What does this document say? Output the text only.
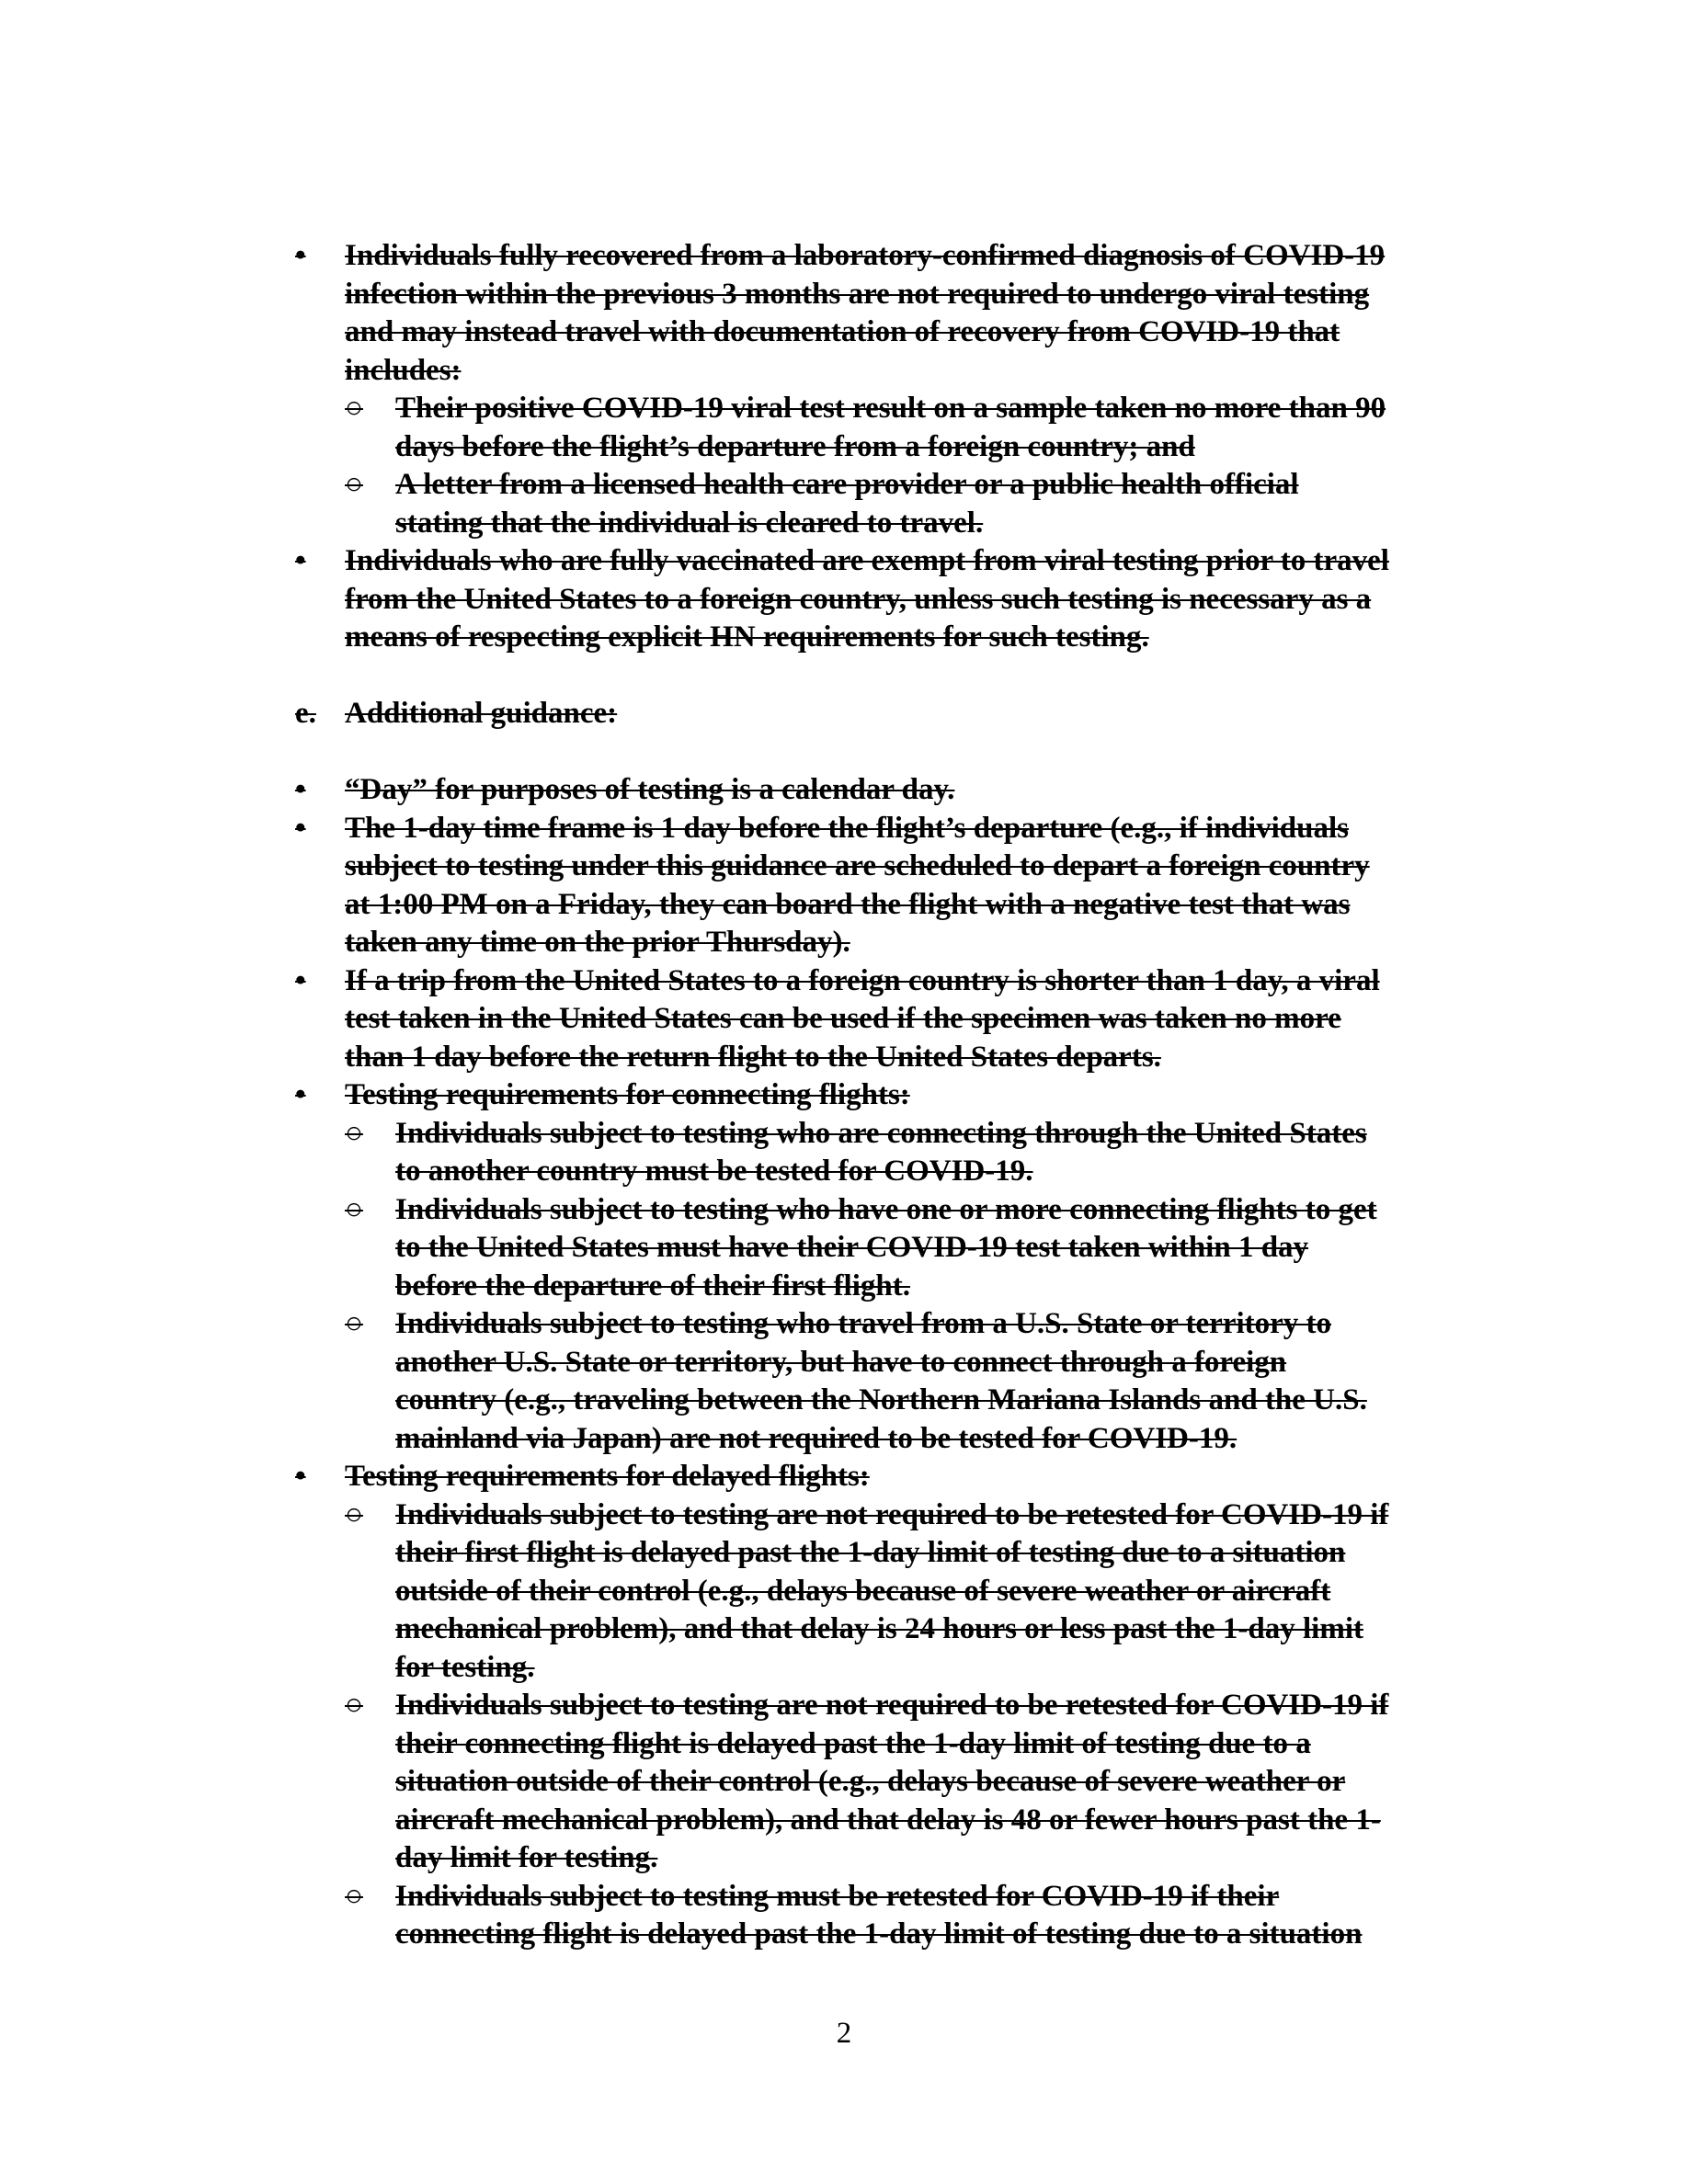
•	Individuals fully recovered from a laboratory-confirmed diagnosis of COVID-19
infection within the previous 3 months are not required to undergo viral testing
and may instead travel with documentation of recovery from COVID-19 that
includes:
○	Their positive COVID-19 viral test result on a sample taken no more than 90
days before the flight’s departure from a foreign country; and
○	A letter from a licensed health care provider or a public health official
stating that the individual is cleared to travel.
•	Individuals who are fully vaccinated are exempt from viral testing prior to travel
from the United States to a foreign country, unless such testing is necessary as a
means of respecting explicit HN requirements for such testing.
e. Additional guidance:
•	“Day” for purposes of testing is a calendar day.
•	The 1-day time frame is 1 day before the flight’s departure (e.g., if individuals
subject to testing under this guidance are scheduled to depart a foreign country
at 1:00 PM on a Friday, they can board the flight with a negative test that was
taken any time on the prior Thursday).
•	If a trip from the United States to a foreign country is shorter than 1 day, a viral
test taken in the United States can be used if the specimen was taken no more
than 1 day before the return flight to the United States departs.
•	Testing requirements for connecting flights:
○	Individuals subject to testing who are connecting through the United States
to another country must be tested for COVID-19.
○	Individuals subject to testing who have one or more connecting flights to get
to the United States must have their COVID-19 test taken within 1 day
before the departure of their first flight.
○	Individuals subject to testing who travel from a U.S. State or territory to
another U.S. State or territory, but have to connect through a foreign
country (e.g., traveling between the Northern Mariana Islands and the U.S.
mainland via Japan) are not required to be tested for COVID-19.
•	Testing requirements for delayed flights:
○	Individuals subject to testing are not required to be retested for COVID-19 if
their first flight is delayed past the 1-day limit of testing due to a situation
outside of their control (e.g., delays because of severe weather or aircraft
mechanical problem), and that delay is 24 hours or less past the 1-day limit
for testing.
○	Individuals subject to testing are not required to be retested for COVID-19 if
their connecting flight is delayed past the 1-day limit of testing due to a
situation outside of their control (e.g., delays because of severe weather or
aircraft mechanical problem), and that delay is 48 or fewer hours past the 1-
day limit for testing.
○	Individuals subject to testing must be retested for COVID-19 if their
connecting flight is delayed past the 1-day limit of testing due to a situation
2
